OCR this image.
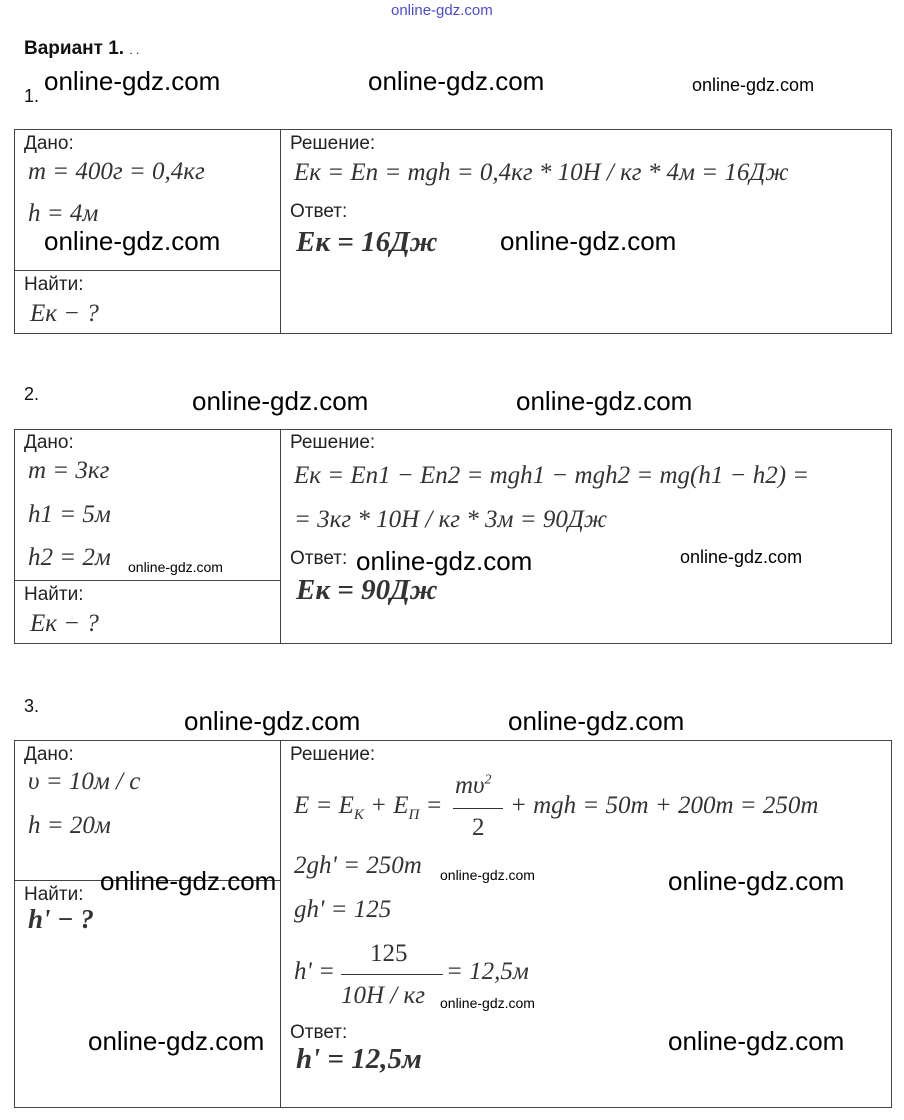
online-gdz.com
Вариант 1. . .
1. online-gdz.com	online-gdz.com	online-gdz.com
Дано:
m = 400г = 0,4кг
h = 4м
Найти:
Eк − ?
Решение:
Eк = Eп = mgh = 0,4кг * 10Н / кг * 4м = 16Дж
Ответ:
Eк = 16Дж
online-gdz.com	online-gdz.com
2.	online-gdz.com	online-gdz.com
Дано:
m = 3кг
h1 = 5м
h2 = 2м online-gdz.com
Найти:
Eк − ?
Решение:
Eк = Eп1 − Eп2 = mgh1 − mgh2 = mg(h1 − h2) =
= 3кг * 10Н / кг * 3м = 90Дж
Ответ:
Eк = 90Дж
online-gdz.com	online-gdz.com
3.	online-gdz.com	online-gdz.com
Дано:
υ = 10м / с
h = 20м
Найти:
h' − ?
Решение:
$E = E_К + E_П$ =
$m\upsilon^2$
2
+ mgh = 50m + 200m = 250m
2gh' = 250m online-gdz.com
gh' = 125
h' =
125
10Н / кг
= 12,5м
online-gdz.com
Ответ:
h' = 12,5м
online-gdz.com	online-gdz.com
online-gdz.com	online-gdz.com
